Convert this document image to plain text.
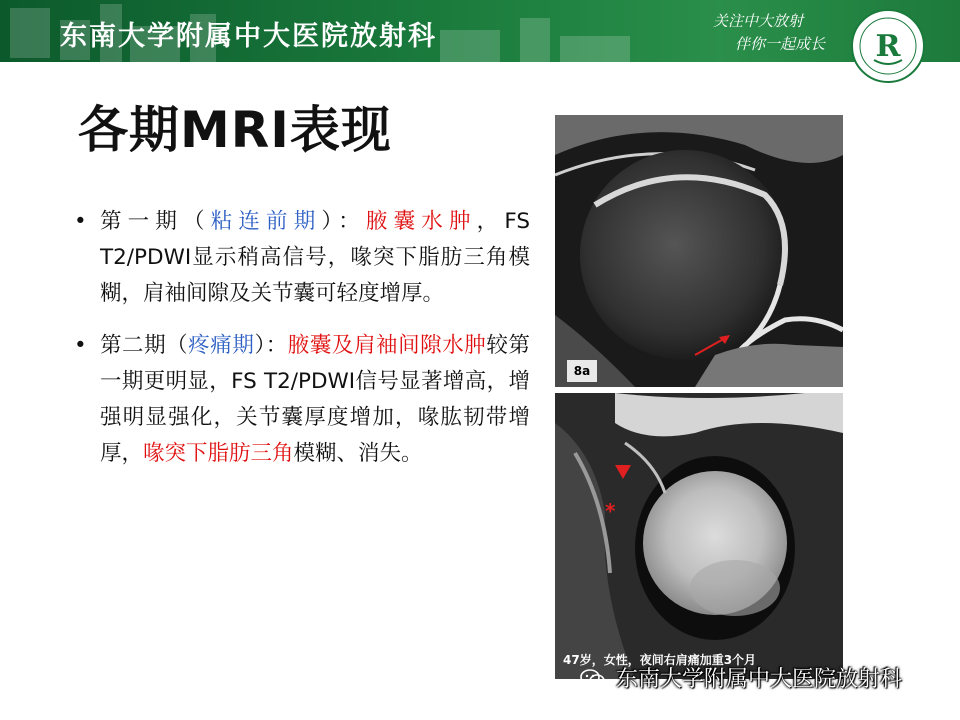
东南大学附属中大医院放射科	关注中大放射
伴你一起成长 R
各期MRI表现
• 第一期（粘连前期）：腋囊水肿，FS T2/PDWI显示稍高信号，喙突下脂肪三角模糊，肩袖间隙及关节囊可轻度增厚。
• 第二期（疼痛期）：腋囊及肩袖间隙水肿较第一期更明显，FS T2/PDWI信号显著增高，增强明显强化，关节囊厚度增加，喙肱韧带增厚，喙突下脂肪三角模糊、消失。
8a
*
47岁，女性，夜间右肩痛加重3个月
东南大学附属中大医院放射科
